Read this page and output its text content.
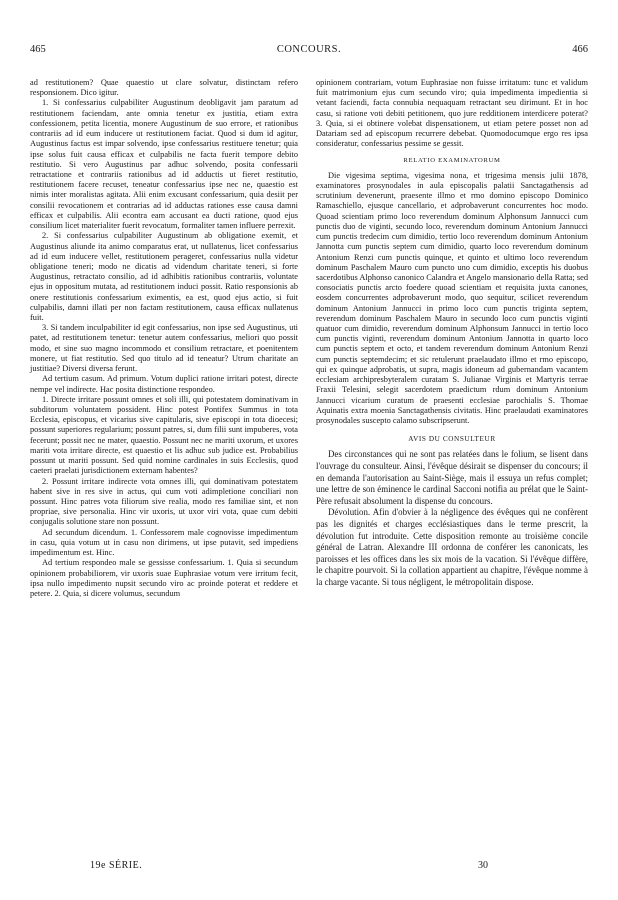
465	CONCOURS.	466

ad restitutionem? Quae quaestio ut clare solvatur, distinctam refero responsionem. Dico igitur.

1. Si confessarius culpabiliter Augustinum deobligavit jam paratum ad restitutionem faciendam, ante omnia tenetur ex justitia, etiam extra confessionem, petita licentia, monere Augustinum de suo errore, et rationibus contrariis ad id eum inducere ut restitutionem faciat. Quod si dum id agitur, Augustinus factus est impar solvendo, ipse confessarius restituere tenetur; quia ipse solus fuit causa efficax et culpabilis ne facta fuerit tempore debito restitutio. Si vero Augustinus par adhuc solvendo, posita confessarii retractatione et contrariis rationibus ad id adductis ut fieret restitutio, restitutionem facere recuset, teneatur confessarius ipse nec ne, quaestio est nimis inter moralistas agitata. Alii enim excusant confessarium, quia desiit per consilii revocationem et contrarias ad id adductas rationes esse causa damni efficax et culpabilis. Alii econtra eam accusant ea ducti ratione, quod ejus consilium licet materialiter fuerit revocatum, formaliter tamen influere perrexit.

2. Si confessarius culpabiliter Augustinum ab obligatione exemit, et Augustinus aliunde ita animo comparatus erat, ut nullatenus, licet confessarius ad id eum inducere vellet, restitutionem perageret, confessarius nulla videtur obligatione teneri; modo ne dicatis ad videndum charitate teneri, si forte Augustinus, retractato consilio, ad id adhibitis rationibus contrariis, voluntate ejus in oppositum mutata, ad restitutionem induci possit. Ratio responsionis ab onere restitutionis confessarium eximentis, ea est, quod ejus actio, si fuit culpabilis, damni illati per non factam restitutionem, causa efficax nullatenus fuit.

3. Si tandem inculpabiliter id egit confessarius, non ipse sed Augustinus, uti patet, ad restitutionem tenetur: tenetur autem confessarius, meliori quo possit modo, et sine suo magno incommodo et consilium retractare, et poenitentem monere, ut fiat restitutio. Sed quo titulo ad id teneatur? Utrum charitate an justitiae? Diversi diversa ferunt.

Ad tertium casum. Ad primum. Votum duplici ratione irritari potest, directe nempe vel indirecte. Hac posita distinctione respondeo.

1. Directe irritare possunt omnes et soli illi, qui potestatem dominativam in subditorum voluntatem possident. Hinc potest Pontifex Summus in tota Ecclesia, episcopus, et vicarius sive capitularis, sive episcopi in tota dioecesi; possunt superiores regularium; possunt patres, si, dum filii sunt impuberes, vota fecerunt; possit nec ne mater, quaestio. Possunt nec ne mariti uxorum, et uxores mariti vota irritare directe, est quaestio et lis adhuc sub judice est. Probabilius possunt ut mariti possunt. Sed quid nomine cardinales in suis Ecclesiis, quod caeteri praelati jurisdictionem externam habentes?

2. Possunt irritare indirecte vota omnes illi, qui dominativam potestatem habent sive in res sive in actus, qui cum voti adimpletione conciliari non possunt. Hinc patres vota filiorum sive realia, modo res familiae sint, et non propriae, sive personalia. Hinc vir uxoris, ut uxor viri vota, quae cum debiti conjugalis solutione stare non possunt.

Ad secundum dicendum. 1. Confessorem male cognovisse impedimentum in casu, quia votum ut in casu non dirimens, ut ipse putavit, sed impediens impedimentum est. Hinc.

Ad tertium respondeo male se gessisse confessarium. 1. Quia si secundum opinionem probabiliorem, vir uxoris suae Euphrasiae votum vere irritum fecit, ipsa nullo impedimento nupsit secundo viro ac proinde poterat et reddere et petere. 2. Quia, si dicere volumus, secundum

opinionem contrariam, votum Euphrasiae non fuisse irritatum: tunc et validum fuit matrimonium ejus cum secundo viro; quia impedimenta impedientia si vetant faciendi, facta connubia nequaquam retractant seu dirimunt. Et in hoc casu, si ratione voti debiti petitionem, quo jure redditionem interdicere poterat? 3. Quia, si ei obtinere volebat dispensationem, ut etiam petere posset non ad Datariam sed ad episcopum recurrere debebat. Quomodocumque ergo res ipsa consideratur, confessarius pessime se gessit.

RELATIO EXAMINATORUM

Die vigesima septima, vigesima nona, et trigesima mensis julii 1878, examinatores prosynodales in aula episcopalis palatii Sanctagathensis ad scrutinium devenerunt, praesente illmo et rmo domino episcopo Dominico Ramaschiello, ejusque cancellario, et adprobaverunt concurrentes hoc modo. Quoad scientiam primo loco reverendum dominum Alphonsum Jannucci cum punctis duo de viginti, secundo loco, reverendum dominum Antonium Jannucci cum punctis tredecim cum dimidio, tertio loco reverendum dominum Antonium Jannotta cum punctis septem cum dimidio, quarto loco reverendum dominum Antonium Renzi cum punctis quinque, et quinto et ultimo loco reverendum dominum Paschalem Mauro cum puncto uno cum dimidio, exceptis his duobus sacerdotibus Alphonso canonico Calandra et Angelo mansionario della Ratta; sed consociatis punctis arcto foedere quoad scientiam et requisita juxta canones, eosdem concurrentes adprobaverunt modo, quo sequitur, scilicet reverendum dominum Antonium Jannucci in primo loco cum punctis triginta septem, reverendum dominum Paschalem Mauro in secundo loco cum punctis viginti quatuor cum dimidio, reverendum dominum Alphonsum Jannucci in tertio loco cum punctis viginti, reverendum dominum Antonium Jannotta in quarto loco cum punctis septem et octo, et tandem reverendum dominum Antonium Renzi cum punctis septemdecim; et sic retulerunt praelaudato illmo et rmo episcopo, qui ex quinque adprobatis, ut supra, magis idoneum ad gubernandam vacantem ecclesiam archipresbyteralem curatam S. Julianae Virginis et Martyris terrae Fraxii Telesini, selegit sacerdotem praedictum rdum dominum Antonium Jannucci vicarium curatum de praesenti ecclesiae parochialis S. Thomae Aquinatis extra moenia Sanctagathensis civitatis. Hinc praelaudati examinatores prosynodales suscepto calamo subscripserunt.

AVIS DU CONSULTEUR

Des circonstances qui ne sont pas relatées dans le folium, se lisent dans l'ouvrage du consulteur. Ainsi, l'évêque désirait se dispenser du concours; il en demanda l'autorisation au Saint-Siège, mais il essuya un refus complet; une lettre de son éminence le cardinal Sacconi notifia au prélat que le Saint-Père refusait absolument la dispense du concours.

Dévolution. Afin d'obvier à la négligence des évêques qui ne confèrent pas les dignités et charges ecclésiastiques dans le terme prescrit, la dévolution fut introduite. Cette disposition remonte au troisième concile général de Latran. Alexandre III ordonna de conférer les canonicats, les paroisses et les offices dans les six mois de la vacation. Si l'évêque diffère, le chapitre pourvoit. Si la collation appartient au chapitre, l'évêque nomme à la charge vacante. Si tous négligent, le métropolitain dispose.

19e SÉRIE.	30
